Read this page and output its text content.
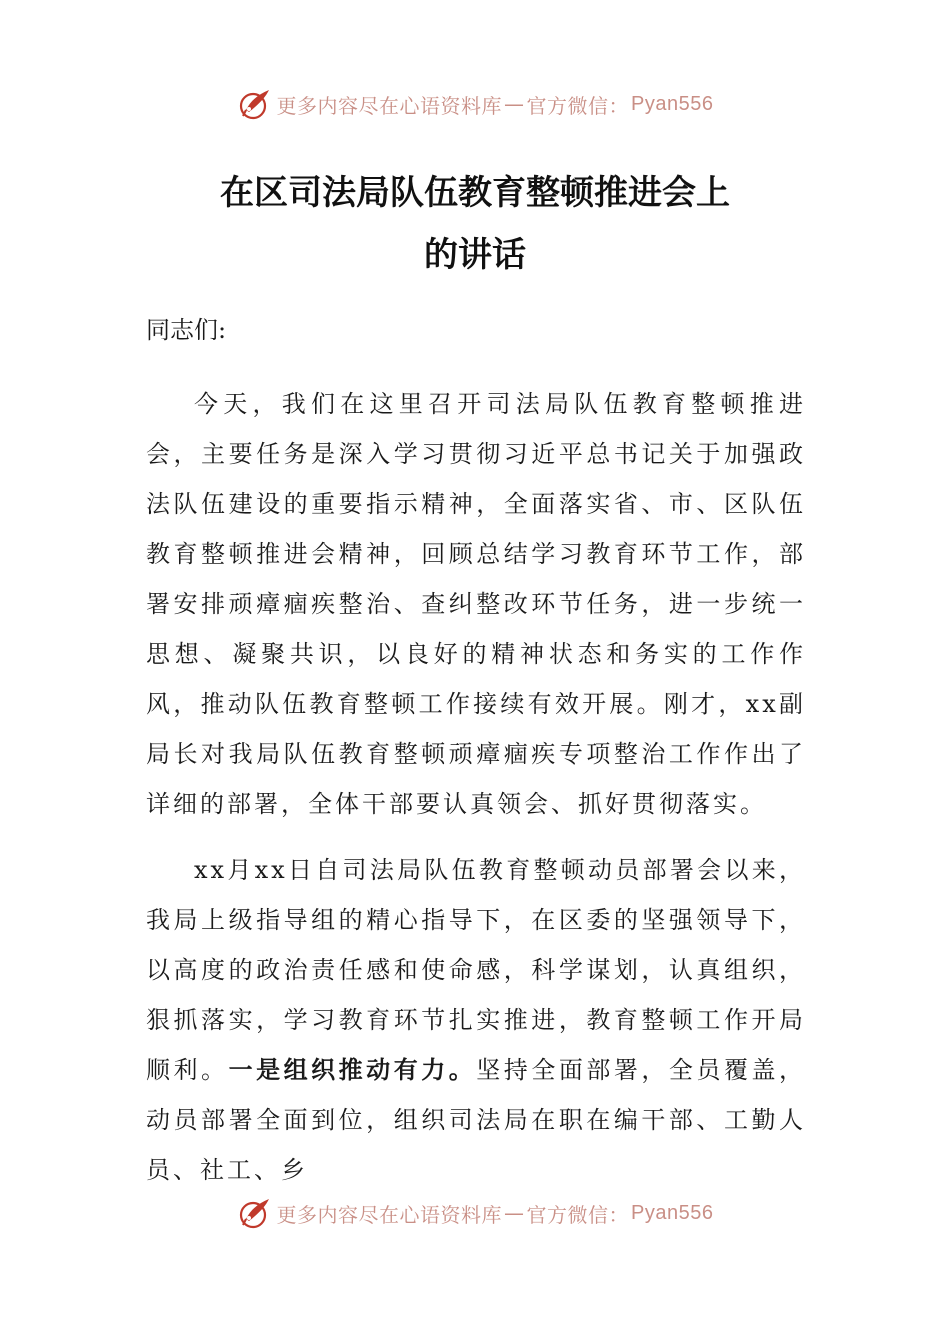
更多内容尽在心语资料库 — 官方微信： Pyan556
在区司法局队伍教育整顿推进会上
的讲话

同志们:

今天，我们在这里召开司法局队伍教育整顿推进会，主要任务是深入学习贯彻习近平总书记关于加强政法队伍建设的重要指示精神，全面落实省、市、区队伍教育整顿推进会精神，回顾总结学习教育环节工作，部署安排顽瘴痼疾整治、查纠整改环节任务，进一步统一思想、凝聚共识，以良好的精神状态和务实的工作作风，推动队伍教育整顿工作接续有效开展。刚才，xx副局长对我局队伍教育整顿顽瘴痼疾专项整治工作作出了详细的部署，全体干部要认真领会、抓好贯彻落实。

xx月xx日自司法局队伍教育整顿动员部署会以来，我局上级指导组的精心指导下，在区委的坚强领导下，以高度的政治责任感和使命感，科学谋划，认真组织，狠抓落实，学习教育环节扎实推进，教育整顿工作开局顺利。一是组织推动有力。坚持全面部署，全员覆盖，动员部署全面到位，组织司法局在职在编干部、工勤人员、社工、乡

更多内容尽在心语资料库 — 官方微信： Pyan556
